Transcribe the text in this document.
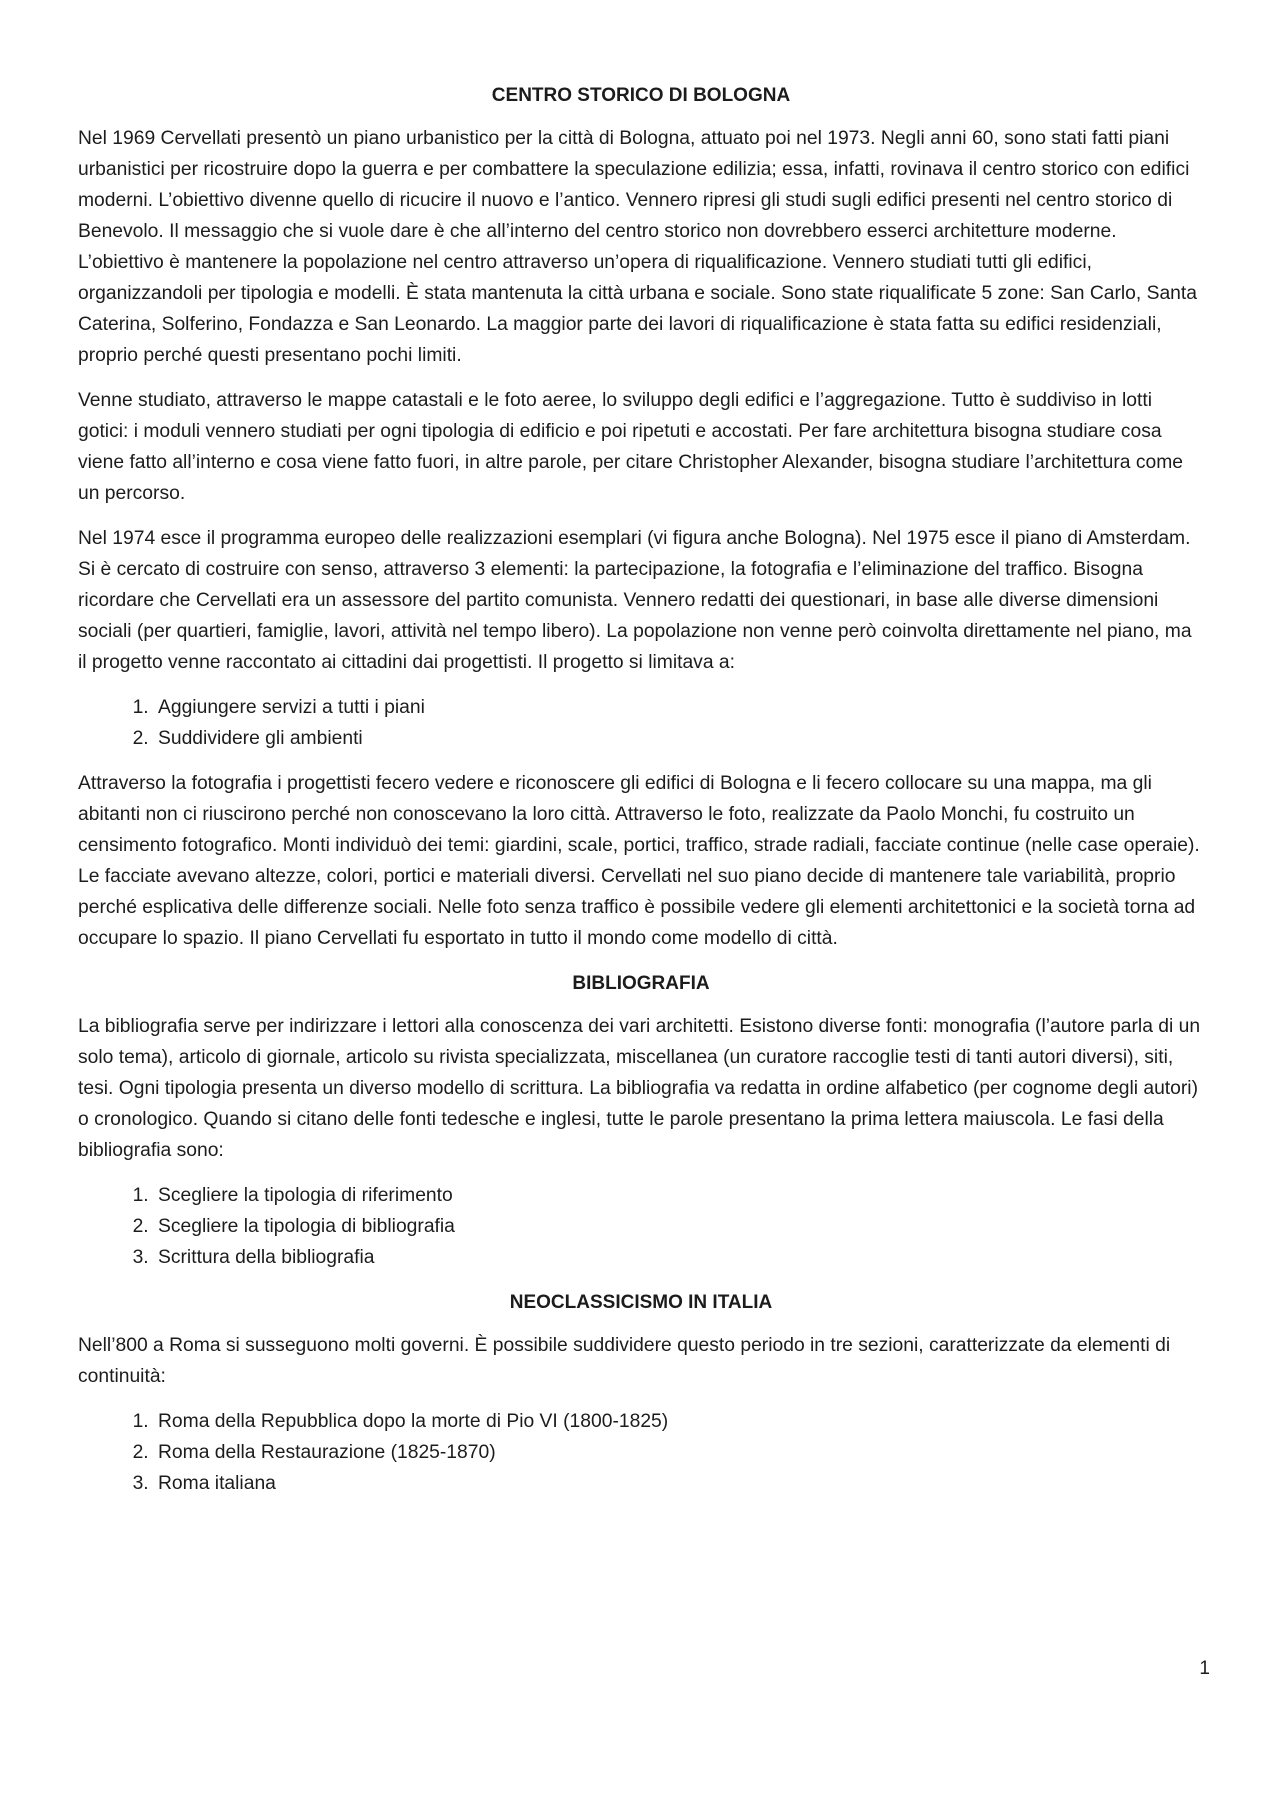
CENTRO STORICO DI BOLOGNA

Nel 1969 Cervellati presentò un piano urbanistico per la città di Bologna, attuato poi nel 1973. Negli anni 60, sono stati fatti piani urbanistici per ricostruire dopo la guerra e per combattere la speculazione edilizia; essa, infatti, rovinava il centro storico con edifici moderni. L’obiettivo divenne quello di ricucire il nuovo e l’antico. Vennero ripresi gli studi sugli edifici presenti nel centro storico di Benevolo. Il messaggio che si vuole dare è che all’interno del centro storico non dovrebbero esserci architetture moderne. L’obiettivo è mantenere la popolazione nel centro attraverso un’opera di riqualificazione. Vennero studiati tutti gli edifici, organizzandoli per tipologia e modelli. È stata mantenuta la città urbana e sociale. Sono state riqualificate 5 zone: San Carlo, Santa Caterina, Solferino, Fondazza e San Leonardo. La maggior parte dei lavori di riqualificazione è stata fatta su edifici residenziali, proprio perché questi presentano pochi limiti.

Venne studiato, attraverso le mappe catastali e le foto aeree, lo sviluppo degli edifici e l’aggregazione. Tutto è suddiviso in lotti gotici: i moduli vennero studiati per ogni tipologia di edificio e poi ripetuti e accostati. Per fare architettura bisogna studiare cosa viene fatto all’interno e cosa viene fatto fuori, in altre parole, per citare Christopher Alexander, bisogna studiare l’architettura come un percorso.

Nel 1974 esce il programma europeo delle realizzazioni esemplari (vi figura anche Bologna). Nel 1975 esce il piano di Amsterdam. Si è cercato di costruire con senso, attraverso 3 elementi: la partecipazione, la fotografia e l’eliminazione del traffico. Bisogna ricordare che Cervellati era un assessore del partito comunista. Vennero redatti dei questionari, in base alle diverse dimensioni sociali (per quartieri, famiglie, lavori, attività nel tempo libero). La popolazione non venne però coinvolta direttamente nel piano, ma il progetto venne raccontato ai cittadini dai progettisti. Il progetto si limitava a:

1. Aggiungere servizi a tutti i piani
2. Suddividere gli ambienti

Attraverso la fotografia i progettisti fecero vedere e riconoscere gli edifici di Bologna e li fecero collocare su una mappa, ma gli abitanti non ci riuscirono perché non conoscevano la loro città. Attraverso le foto, realizzate da Paolo Monchi, fu costruito un censimento fotografico. Monti individuò dei temi: giardini, scale, portici, traffico, strade radiali, facciate continue (nelle case operaie). Le facciate avevano altezze, colori, portici e materiali diversi. Cervellati nel suo piano decide di mantenere tale variabilità, proprio perché esplicativa delle differenze sociali. Nelle foto senza traffico è possibile vedere gli elementi architettonici e la società torna ad occupare lo spazio. Il piano Cervellati fu esportato in tutto il mondo come modello di città.

BIBLIOGRAFIA

La bibliografia serve per indirizzare i lettori alla conoscenza dei vari architetti. Esistono diverse fonti: monografia (l’autore parla di un solo tema), articolo di giornale, articolo su rivista specializzata, miscellanea (un curatore raccoglie testi di tanti autori diversi), siti, tesi. Ogni tipologia presenta un diverso modello di scrittura. La bibliografia va redatta in ordine alfabetico (per cognome degli autori) o cronologico. Quando si citano delle fonti tedesche e inglesi, tutte le parole presentano la prima lettera maiuscola. Le fasi della bibliografia sono:

1. Scegliere la tipologia di riferimento
2. Scegliere la tipologia di bibliografia
3. Scrittura della bibliografia
NEOCLASSICISMO IN ITALIA

Nell’800 a Roma si susseguono molti governi. È possibile suddividere questo periodo in tre sezioni, caratterizzate da elementi di continuità:

1. Roma della Repubblica dopo la morte di Pio VI (1800-1825)
2. Roma della Restaurazione (1825-1870)
3. Roma italiana
1
